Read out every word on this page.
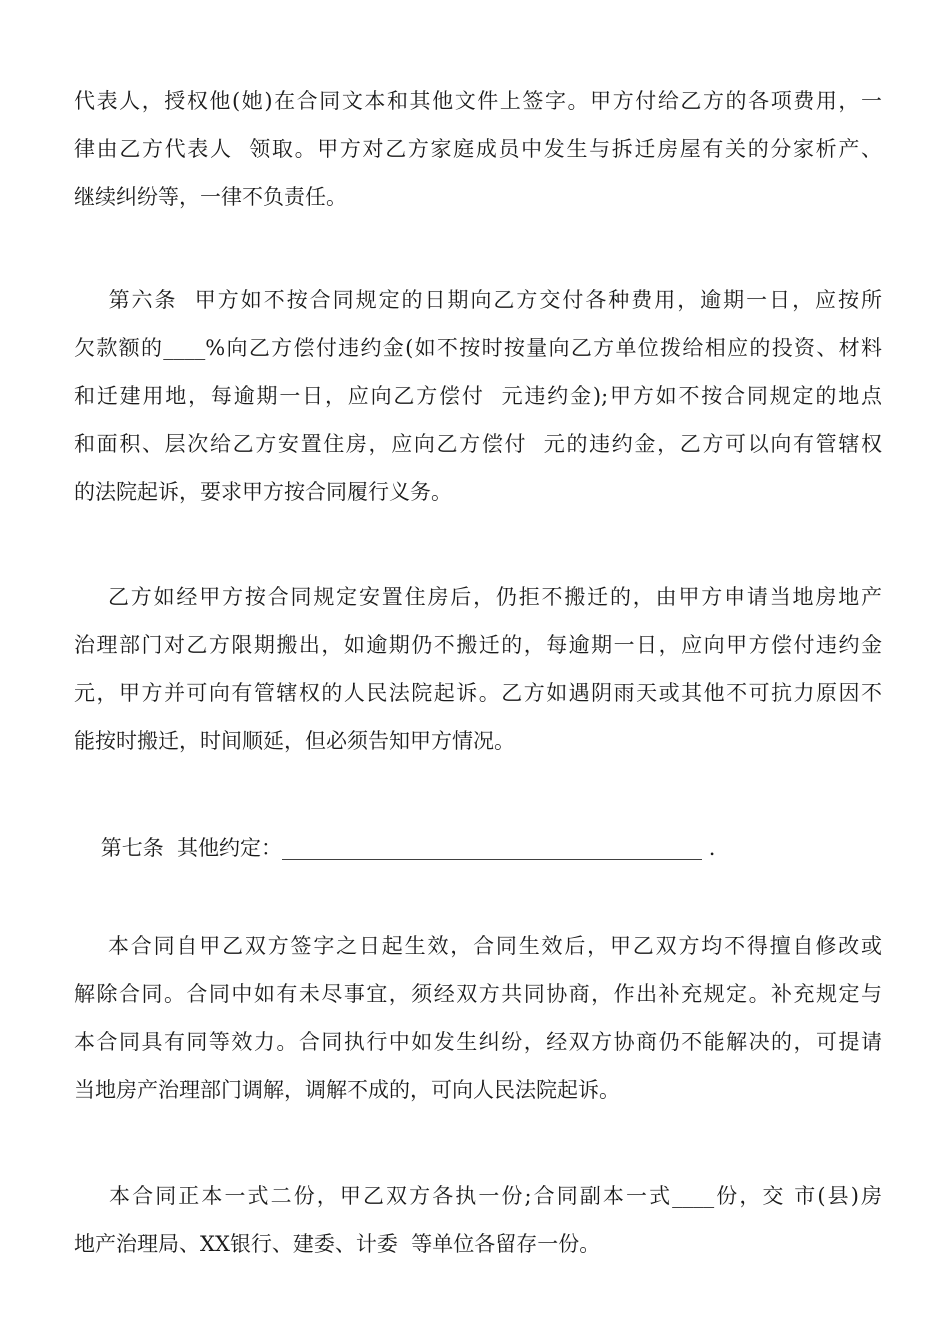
代表人，授权他(她)在合同文本和其他文件上签字。甲方付给乙方的各项费用，一
律由乙方代表人  领取。甲方对乙方家庭成员中发生与拆迁房屋有关的分家析产、
继续纠纷等，一律不负责任。
第六条  甲方如不按合同规定的日期向乙方交付各种费用，逾期一日，应按所
欠款额的____%向乙方偿付违约金(如不按时按量向乙方单位拨给相应的投资、材料
和迁建用地，每逾期一日，应向乙方偿付  元违约金);甲方如不按合同规定的地点
和面积、层次给乙方安置住房，应向乙方偿付  元的违约金，乙方可以向有管辖权
的法院起诉，要求甲方按合同履行义务。
乙方如经甲方按合同规定安置住房后，仍拒不搬迁的，由甲方申请当地房地产
治理部门对乙方限期搬出，如逾期仍不搬迁的，每逾期一日，应向甲方偿付违约金
元，甲方并可向有管辖权的人民法院起诉。乙方如遇阴雨天或其他不可抗力原因不
能按时搬迁，时间顺延，但必须告知甲方情况。
第七条  其他约定：________________________________________ .
本合同自甲乙双方签字之日起生效，合同生效后，甲乙双方均不得擅自修改或
解除合同。合同中如有未尽事宜，须经双方共同协商，作出补充规定。补充规定与
本合同具有同等效力。合同执行中如发生纠纷，经双方协商仍不能解决的，可提请
当地房产治理部门调解，调解不成的，可向人民法院起诉。
本合同正本一式二份，甲乙双方各执一份;合同副本一式____份，交 市(县)房
地产治理局、XX银行、建委、计委  等单位各留存一份。
